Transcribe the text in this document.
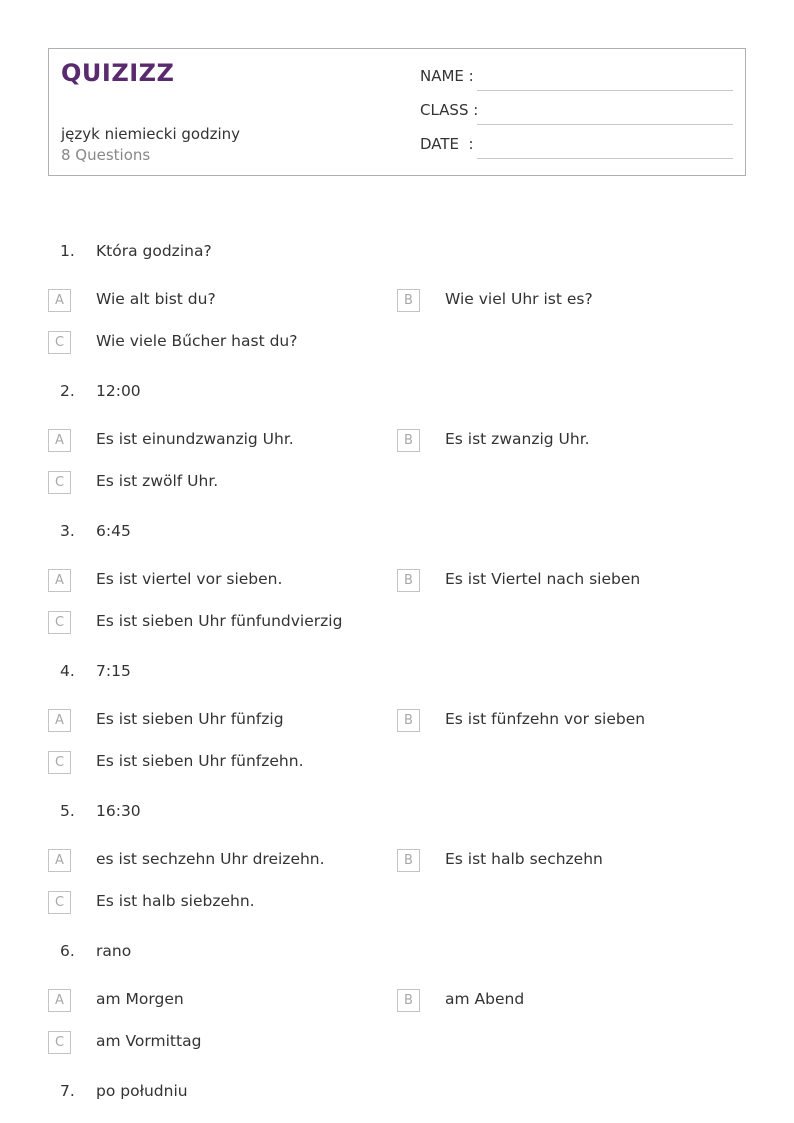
QUIZIZZ
język niemiecki godziny
8 Questions
NAME :
CLASS :
DATE  :
1. Która godzina?
A	Wie alt bist du?	B	Wie viel Uhr ist es?
C	Wie viele Bűcher hast du?
2. 12:00
A	Es ist einundzwanzig Uhr.	B	Es ist zwanzig Uhr.
C	Es ist zwölf Uhr.
3. 6:45
A	Es ist viertel vor sieben.	B	Es ist Viertel nach sieben
C	Es ist sieben Uhr fünfundvierzig
4. 7:15
A	Es ist sieben Uhr fünfzig	B	Es ist fünfzehn vor sieben
C	Es ist sieben Uhr fünfzehn.
5. 16:30
A	es ist sechzehn Uhr dreizehn.	B	Es ist halb sechzehn
C	Es ist halb siebzehn.
6. rano
A	am Morgen	B	am Abend
C	am Vormittag
7. po południu
